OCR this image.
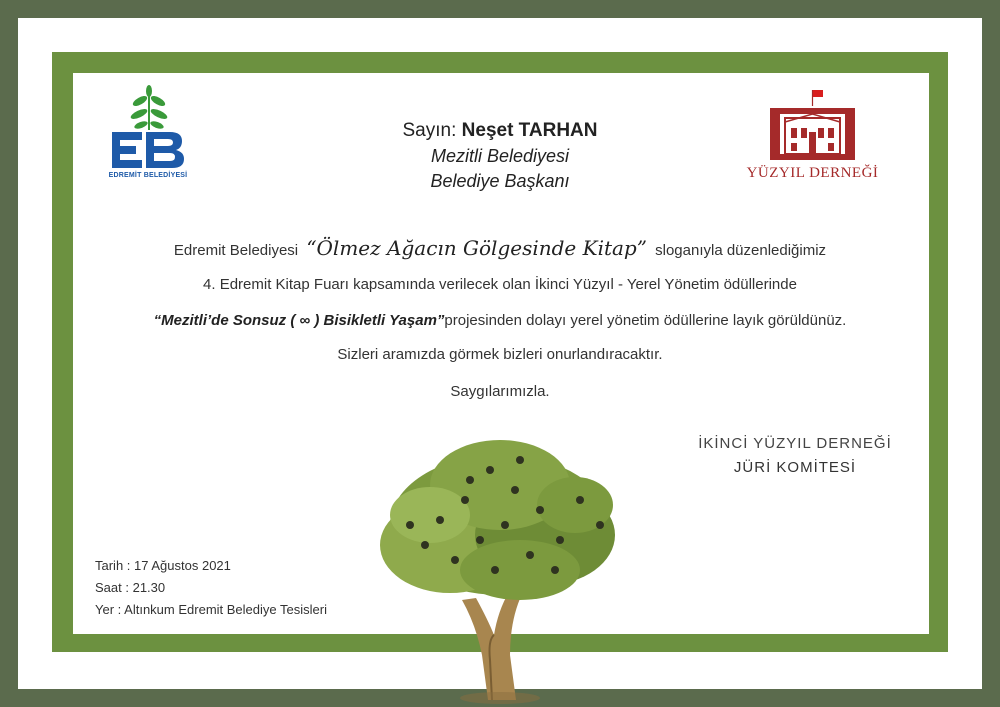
EDREMİT BELEDİYESİ	YÜZYIL DERNEĞİ
Sayın: Neşet TARHAN
Mezitli Belediyesi
Belediye Başkanı
Edremit Belediyesi “Ölmez Ağacın Gölgesinde Kitap” sloganıyla düzenlediğimiz
4. Edremit Kitap Fuarı kapsamında verilecek olan İkinci Yüzyıl - Yerel Yönetim ödüllerinde
“Mezitli’de Sonsuz ( ∞ ) Bisikletli Yaşam”projesinden dolayı yerel yönetim ödüllerine layık görüldünüz.
Sizleri aramızda görmek bizleri onurlandıracaktır.
Saygılarımızla.
İKİNCİ YÜZYIL DERNEĞİ
JÜRİ KOMİTESİ
Tarih : 17 Ağustos 2021
Saat : 21.30
Yer : Altınkum Edremit Belediye Tesisleri
